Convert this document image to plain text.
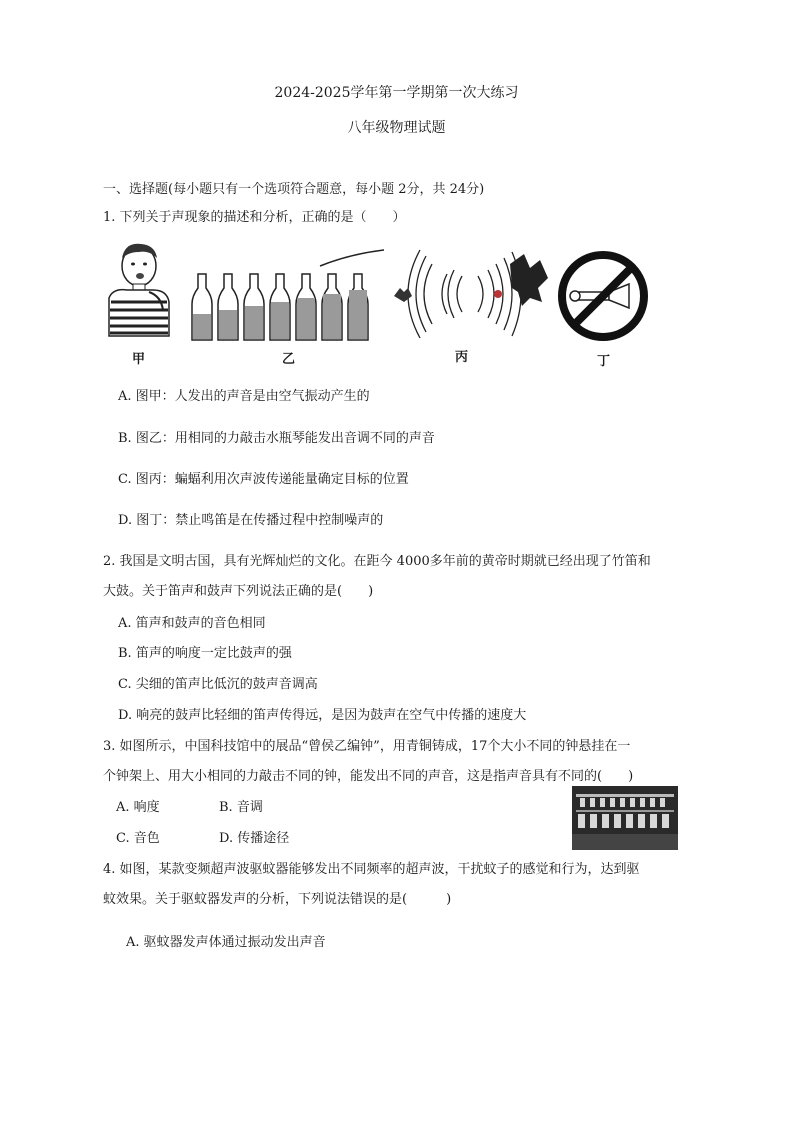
2024-2025学年第一学期第一次大练习
八年级物理试题
一、选择题(每小题只有一个选项符合题意，每小题 2分，共 24分)
1. 下列关于声现象的描述和分析，正确的是（　　）
甲	乙	丙	丁
A. 图甲：人发出的声音是由空气振动产生的
B. 图乙：用相同的力敲击水瓶琴能发出音调不同的声音
C. 图丙：蝙蝠利用次声波传递能量确定目标的位置
D. 图丁：禁止鸣笛是在传播过程中控制噪声的
2. 我国是文明古国，具有光辉灿烂的文化。在距今 4000多年前的黄帝时期就已经出现了竹笛和
大鼓。关于笛声和鼓声下列说法正确的是(　　)
A. 笛声和鼓声的音色相同
B. 笛声的响度一定比鼓声的强
C. 尖细的笛声比低沉的鼓声音调高
D. 响亮的鼓声比轻细的笛声传得远，是因为鼓声在空气中传播的速度大
3. 如图所示，中国科技馆中的展品“曾侯乙编钟”，用青铜铸成，17个大小不同的钟悬挂在一
个钟架上、用大小相同的力敲击不同的钟，能发出不同的声音，这是指声音具有不同的(　　)
A. 响度	B. 音调
C. 音色	D. 传播途径
4. 如图，某款变频超声波驱蚊器能够发出不同频率的超声波，干扰蚊子的感觉和行为，达到驱
蚊效果。关于驱蚊器发声的分析，下列说法错误的是(　　　)
A. 驱蚊器发声体通过振动发出声音
